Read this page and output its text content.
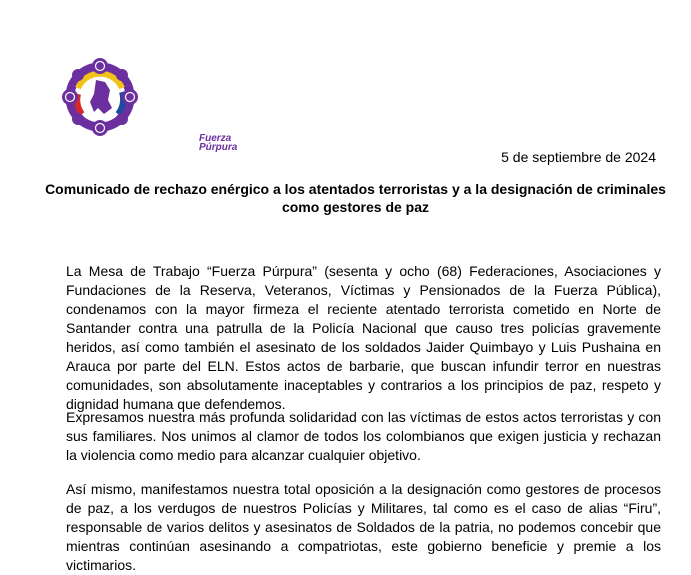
Fuerza
Púrpura
5 de septiembre de 2024
Comunicado de rechazo enérgico a los atentados terroristas y a la designación de criminales como gestores de paz

La Mesa de Trabajo “Fuerza Púrpura” (sesenta y ocho (68) Federaciones, Asociaciones y Fundaciones de la Reserva, Veteranos, Víctimas y Pensionados de la Fuerza Pública), condenamos con la mayor firmeza el reciente atentado terrorista cometido en Norte de Santander contra una patrulla de la Policía Nacional que causo tres policías gravemente heridos, así como también el asesinato de los soldados Jaider Quimbayo y Luis Pushaina en Arauca por parte del ELN. Estos actos de barbarie, que buscan infundir terror en nuestras comunidades, son absolutamente inaceptables y contrarios a los principios de paz, respeto y dignidad humana que defendemos.

Expresamos nuestra más profunda solidaridad con las víctimas de estos actos terroristas y con sus familiares. Nos unimos al clamor de todos los colombianos que exigen justicia y rechazan la violencia como medio para alcanzar cualquier objetivo.

Así mismo, manifestamos nuestra total oposición a la designación como gestores de procesos de paz, a los verdugos de nuestros Policías y Militares, tal como es el caso de alias “Firu”, responsable de varios delitos y asesinatos de Soldados de la patria, no podemos concebir que mientras continúan asesinando a compatriotas, este gobierno beneficie y premie a los victimarios.
